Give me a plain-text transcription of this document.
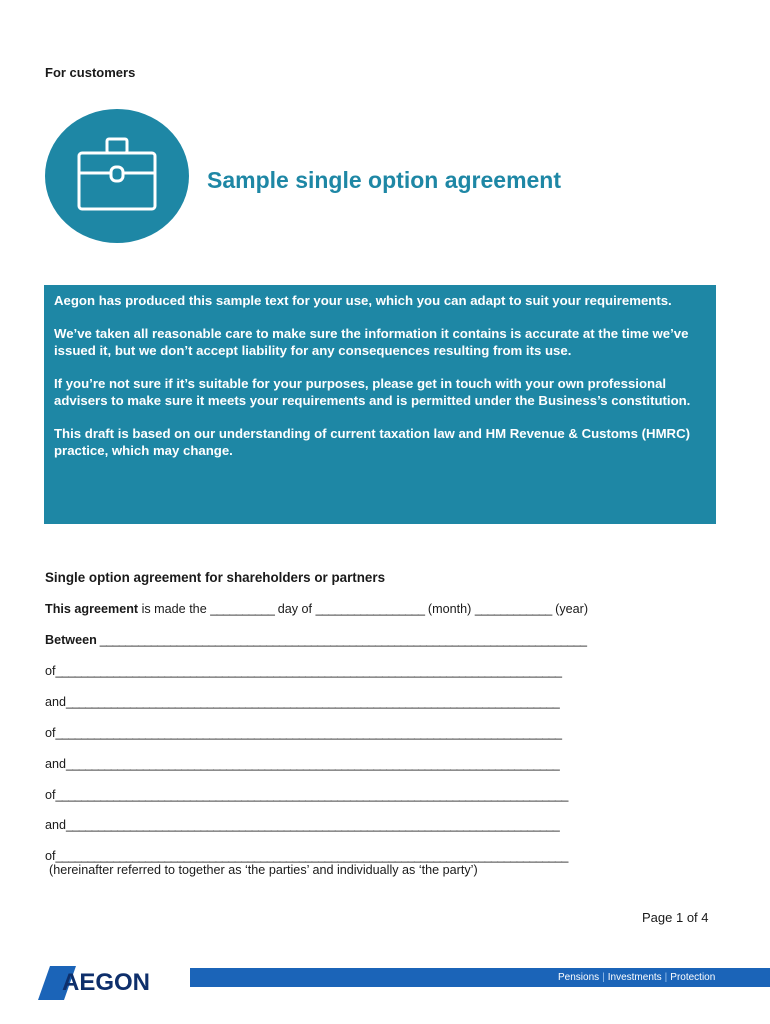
For customers
Sample single option agreement

Aegon has produced this sample text for your use, which you can adapt to suit your requirements.

We’ve taken all reasonable care to make sure the information it contains is accurate at the time we’ve issued it, but we don’t accept liability for any consequences resulting from its use.

If you’re not sure if it’s suitable for your purposes, please get in touch with your own professional advisers to make sure it meets your requirements and is permitted under the Business’s constitution.

This draft is based on our understanding of current taxation law and HM Revenue & Customs (HMRC) practice, which may change.

Single option agreement for shareholders or partners
This agreement is made the __________ day of _________________ (month) ____________ (year)
Between ____________________________________________________________________________
of_______________________________________________________________________________
and_____________________________________________________________________________
of_______________________________________________________________________________
and_____________________________________________________________________________
of________________________________________________________________________________
and_____________________________________________________________________________
of________________________________________________________________________________
(hereinafter referred to together as ‘the parties’ and individually as ‘the party’)
Page 1 of 4
AEGON	Pensions | Investments | Protection
